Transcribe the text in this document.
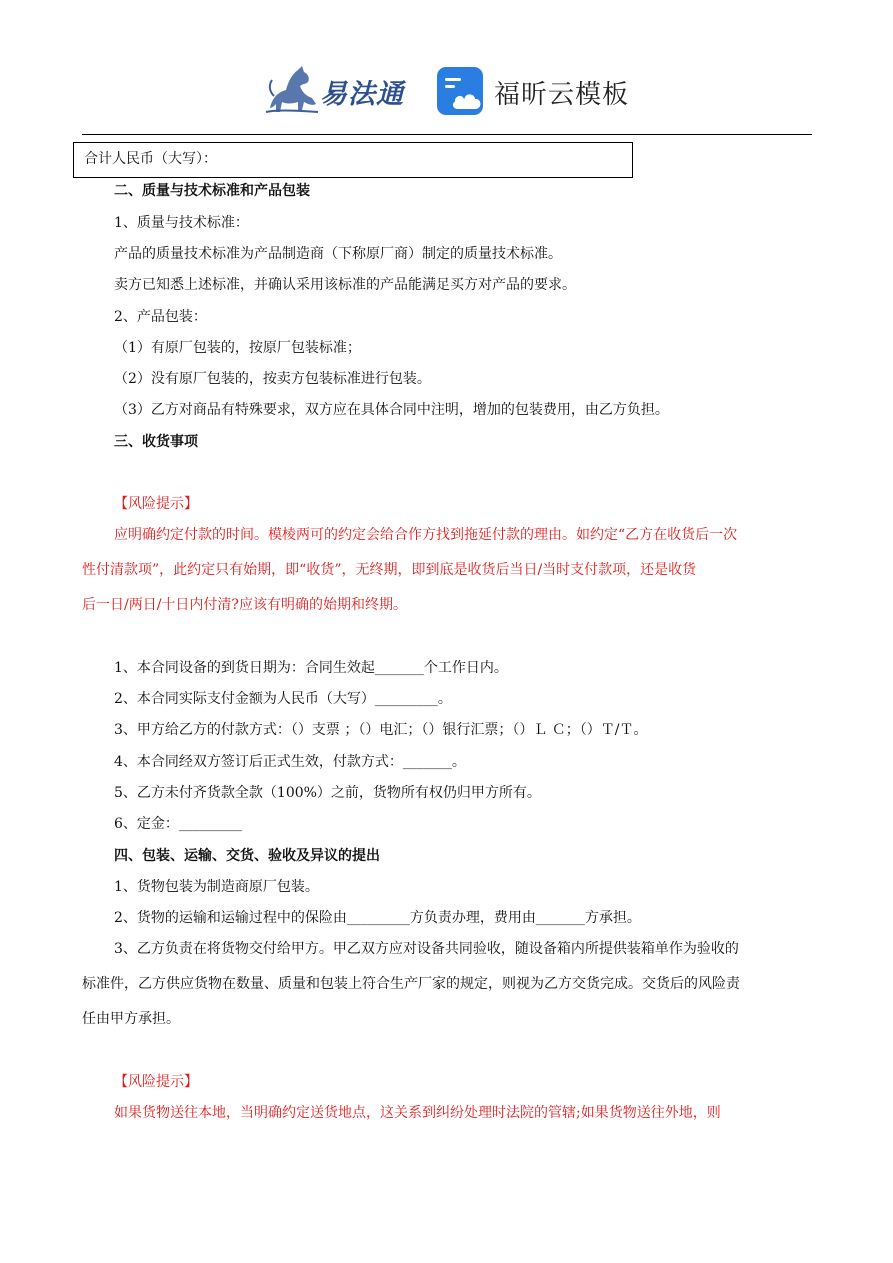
易法通	福昕云模板
合计人民币（大写）：
二、质量与技术标准和产品包装
1、质量与技术标准：
产品的质量技术标准为产品制造商（下称原厂商）制定的质量技术标准。
卖方已知悉上述标准，并确认采用该标准的产品能满足买方对产品的要求。
2、产品包装：
（1）有原厂包装的，按原厂包装标准；
（2）没有原厂包装的，按卖方包装标准进行包装。
（3）乙方对商品有特殊要求，双方应在具体合同中注明，增加的包装费用，由乙方负担。
三、收货事项
【风险提示】
应明确约定付款的时间。模棱两可的约定会给合作方找到拖延付款的理由。如约定“乙方在收货后一次
性付清款项”，此约定只有始期，即“收货”，无终期，即到底是收货后当日/当时支付款项，还是收货
后一日/两日/十日内付清?应该有明确的始期和终期。
1、本合同设备的到货日期为：合同生效起_______个工作日内。
2、本合同实际支付金额为人民币（大写）_________。
3、甲方给乙方的付款方式：（）支票 ；（）电汇；（）银行汇票；（）Ｌ Ｃ；（）Ｔ/Ｔ。
4、本合同经双方签订后正式生效，付款方式：_______。
5、乙方未付齐货款全款（100%）之前，货物所有权仍归甲方所有。
6、定金：_________
四、包装、运输、交货、验收及异议的提出
1、货物包装为制造商原厂包装。
2、货物的运输和运输过程中的保险由_________方负责办理，费用由_______方承担。
3、乙方负责在将货物交付给甲方。甲乙双方应对设备共同验收，随设备箱内所提供装箱单作为验收的
标准件，乙方供应货物在数量、质量和包装上符合生产厂家的规定，则视为乙方交货完成。交货后的风险责
任由甲方承担。
【风险提示】
如果货物送往本地，当明确约定送货地点，这关系到纠纷处理时法院的管辖;如果货物送往外地，则
